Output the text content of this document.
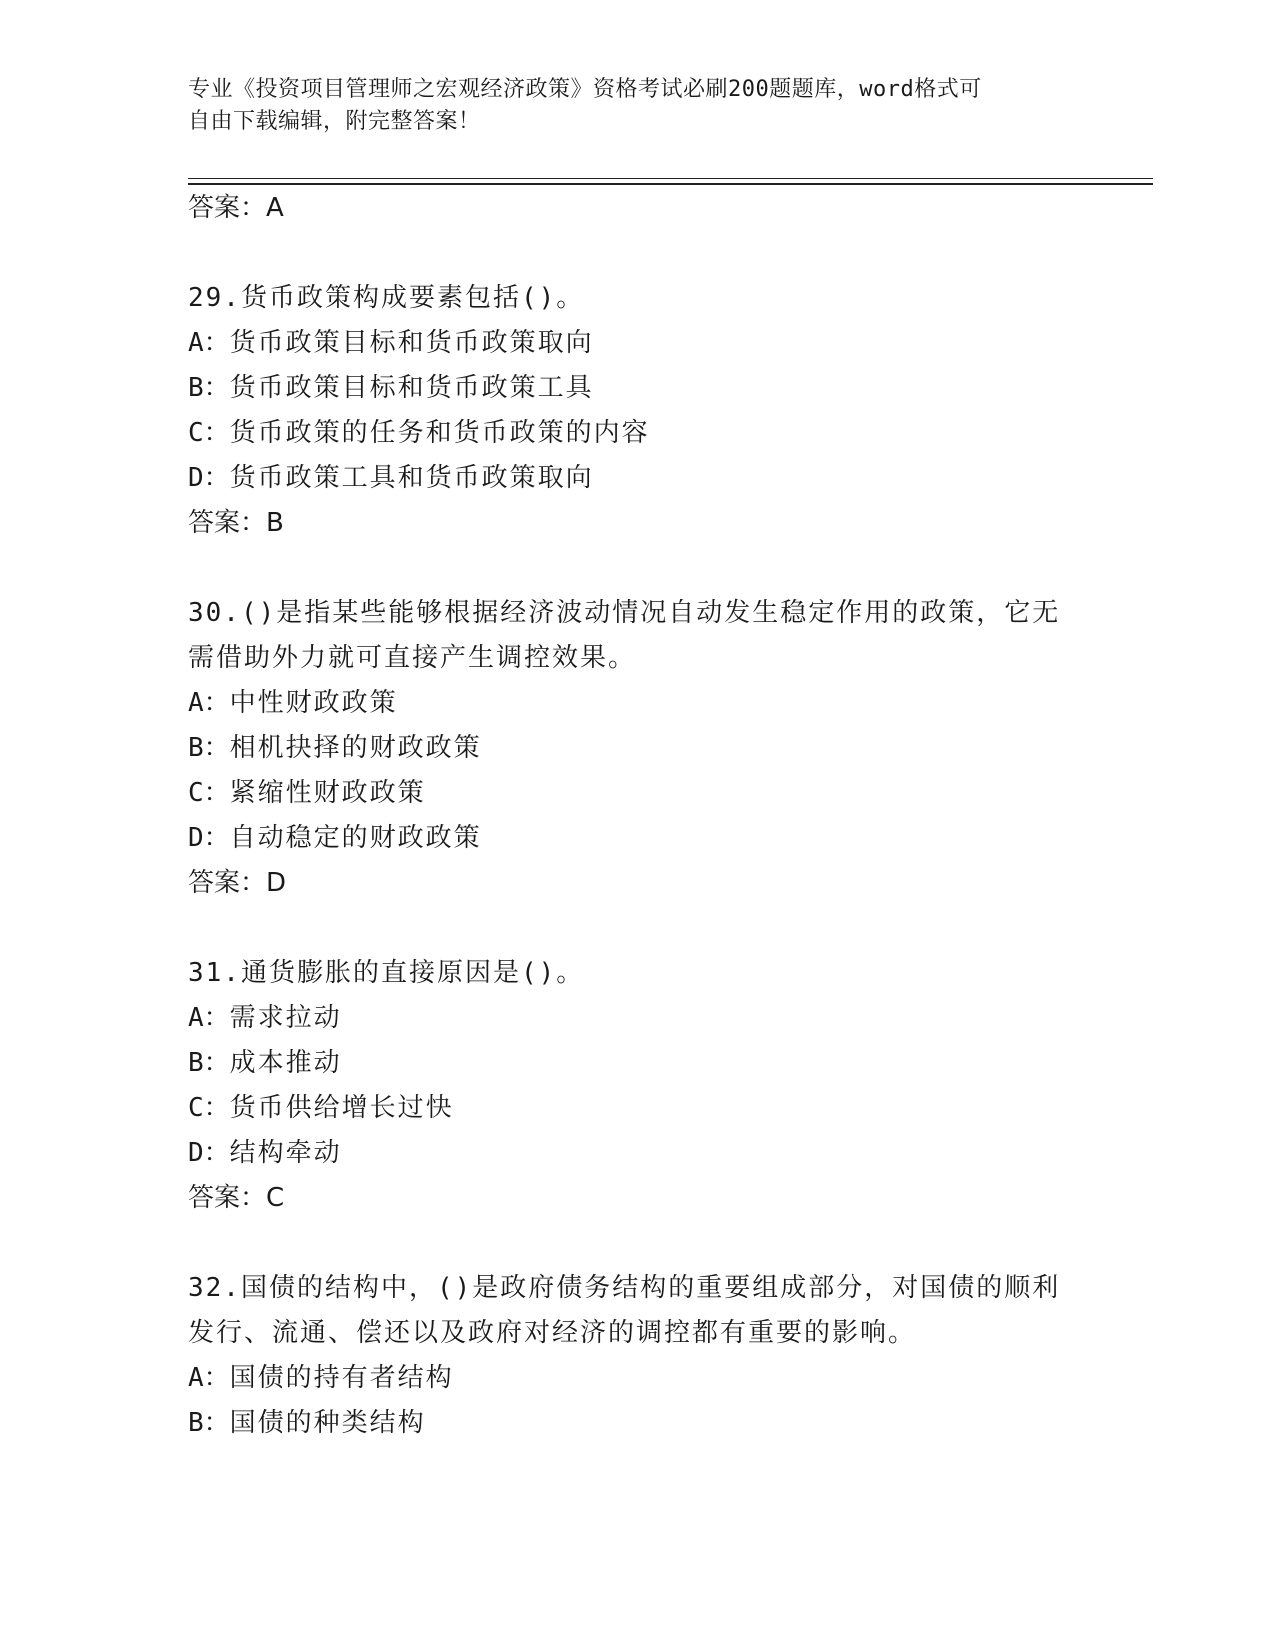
专业《投资项目管理师之宏观经济政策》资格考试必刷200题题库，word格式可
自由下载编辑，附完整答案！
答案：A
29.货币政策构成要素包括()。
A：货币政策目标和货币政策取向
B：货币政策目标和货币政策工具
C：货币政策的任务和货币政策的内容
D：货币政策工具和货币政策取向
答案：B
30.()是指某些能够根据经济波动情况自动发生稳定作用的政策，它无
需借助外力就可直接产生调控效果。
A：中性财政政策
B：相机抉择的财政政策
C：紧缩性财政政策
D：自动稳定的财政政策
答案：D
31.通货膨胀的直接原因是()。
A：需求拉动
B：成本推动
C：货币供给增长过快
D：结构牵动
答案：C
32.国债的结构中，()是政府债务结构的重要组成部分，对国债的顺利
发行、流通、偿还以及政府对经济的调控都有重要的影响。
A：国债的持有者结构
B：国债的种类结构
